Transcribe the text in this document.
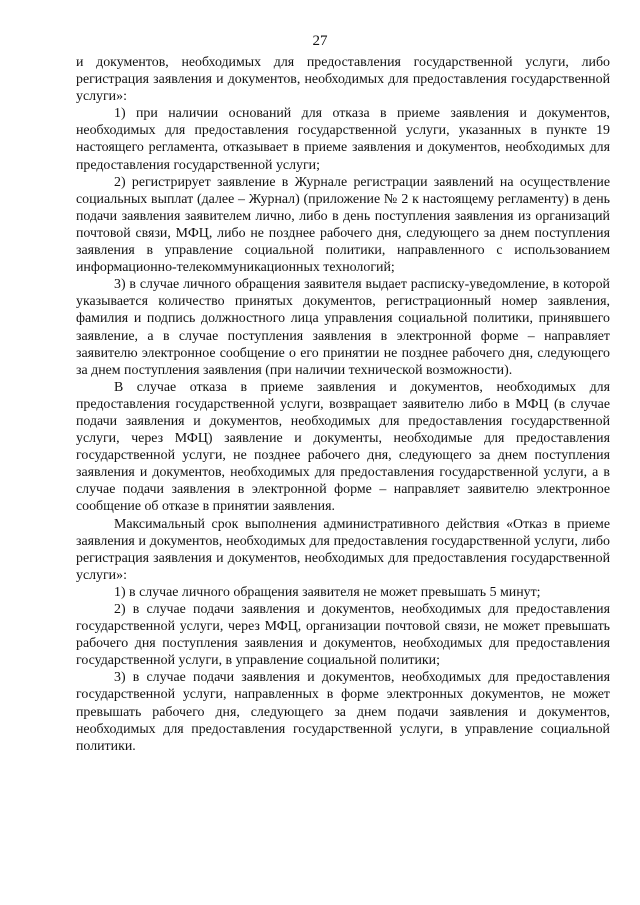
27

и документов, необходимых для предоставления государственной услуги, либо регистрация заявления и документов, необходимых для предоставления государственной услуги»:

1) при наличии оснований для отказа в приеме заявления и документов, необходимых для предоставления государственной услуги, указанных в пункте 19 настоящего регламента, отказывает в приеме заявления и документов, необходимых для предоставления государственной услуги;

2) регистрирует заявление в Журнале регистрации заявлений на осуществление социальных выплат (далее – Журнал) (приложение № 2 к настоящему регламенту) в день подачи заявления заявителем лично, либо в день поступления заявления из организаций почтовой связи, МФЦ, либо не позднее рабочего дня, следующего за днем поступления заявления в управление социальной политики, направленного с использованием информационно-телекоммуникационных технологий;

3) в случае личного обращения заявителя выдает расписку-уведомление, в которой указывается количество принятых документов, регистрационный номер заявления, фамилия и подпись должностного лица управления социальной политики, принявшего заявление, а в случае поступления заявления в электронной форме – направляет заявителю электронное сообщение о его принятии не позднее рабочего дня, следующего за днем поступления заявления (при наличии технической возможности).

В случае отказа в приеме заявления и документов, необходимых для предоставления государственной услуги, возвращает заявителю либо в МФЦ (в случае подачи заявления и документов, необходимых для предоставления государственной услуги, через МФЦ) заявление и документы, необходимые для предоставления государственной услуги, не позднее рабочего дня, следующего за днем поступления заявления и документов, необходимых для предоставления государственной услуги, а в случае подачи заявления в электронной форме – направляет заявителю электронное сообщение об отказе в принятии заявления.

Максимальный срок выполнения административного действия «Отказ в приеме заявления и документов, необходимых для предоставления государственной услуги, либо регистрация заявления и документов, необходимых для предоставления государственной услуги»:

1) в случае личного обращения заявителя не может превышать 5 минут;

2) в случае подачи заявления и документов, необходимых для предоставления государственной услуги, через МФЦ, организации почтовой связи, не может превышать рабочего дня поступления заявления и документов, необходимых для предоставления государственной услуги, в управление социальной политики;

3) в случае подачи заявления и документов, необходимых для предоставления государственной услуги, направленных в форме электронных документов, не может превышать рабочего дня, следующего за днем подачи заявления и документов, необходимых для предоставления государственной услуги, в управление социальной политики.
